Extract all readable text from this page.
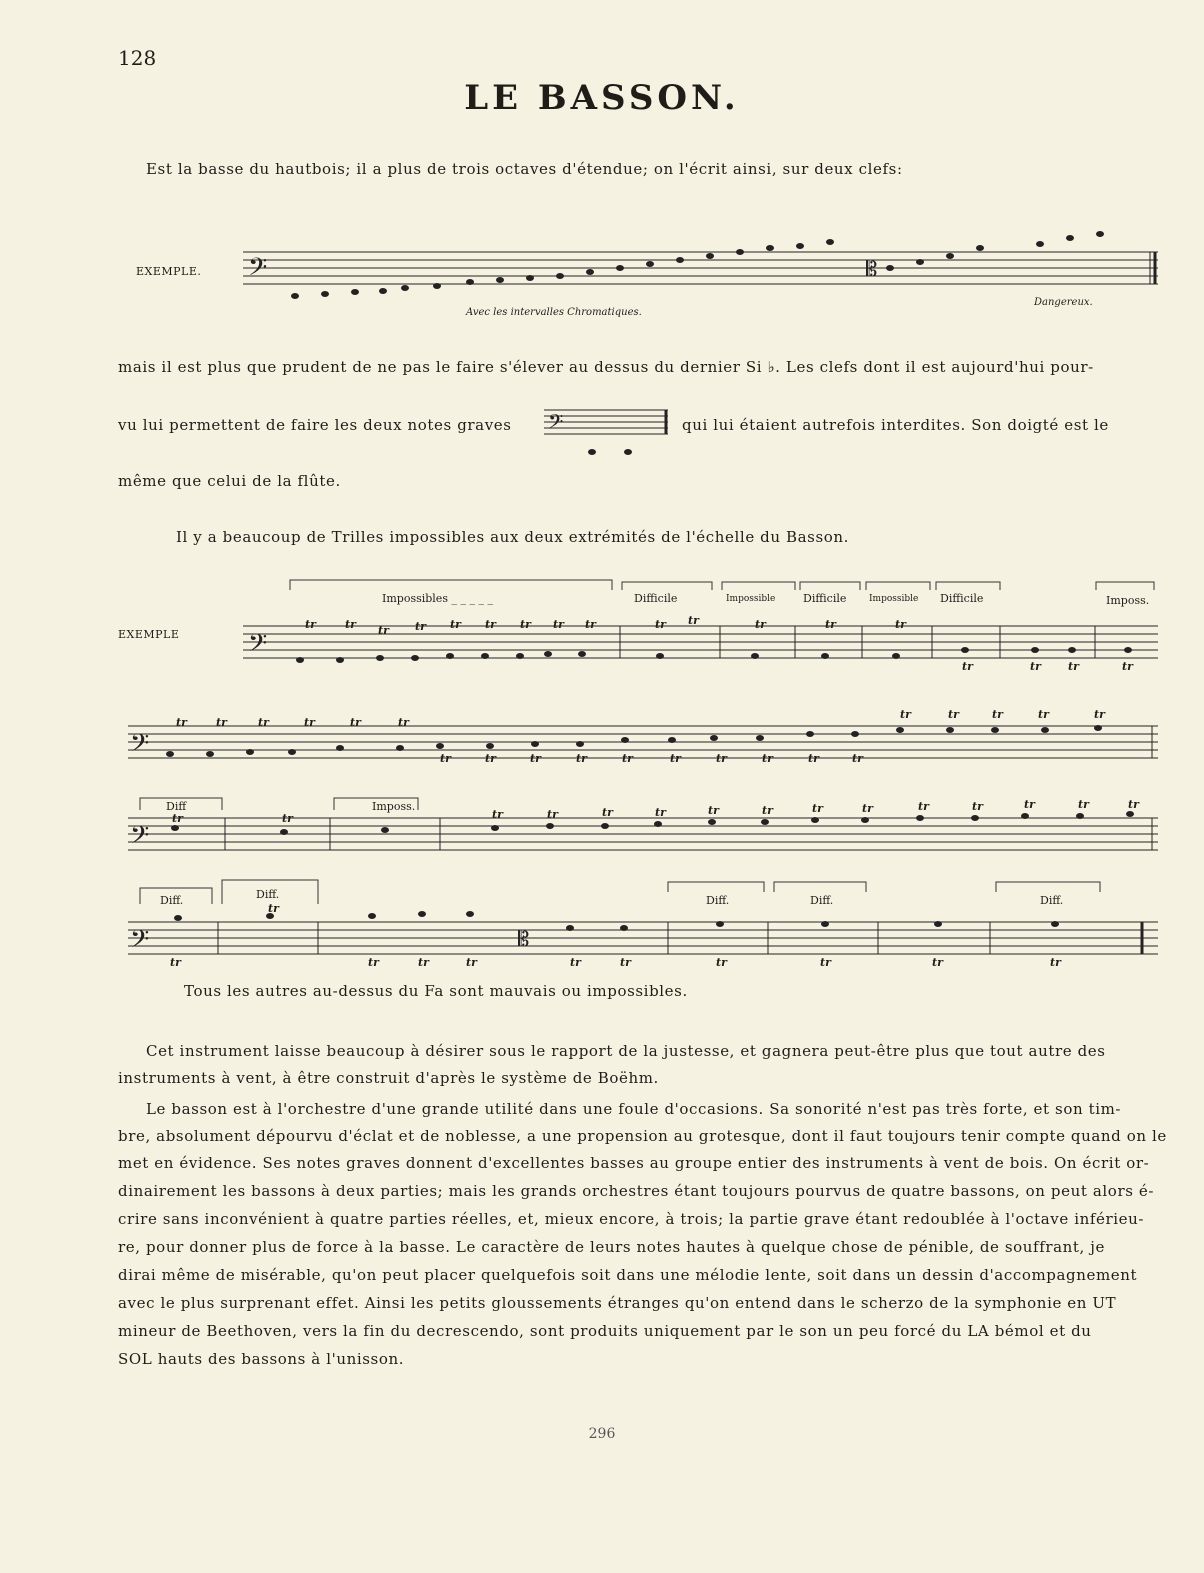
128
LE BASSON.
Est la basse du hautbois; il a plus de trois octaves d'étendue; on l'écrit ainsi, sur deux clefs:
EXEMPLE.
Avec les intervalles Chromatiques.
Dangereux.
𝄢	𝄡
𝄢
𝄢
𝄢
𝄢
𝄢	𝄡
mais il est plus que prudent de ne pas le faire s'élever au dessus du dernier Si ♭. Les clefs dont il est aujourd'hui pour-
vu lui permettent de faire les deux notes graves	qui lui étaient autrefois interdites. Son doigté est le
même que celui de la flûte.
Il y a beaucoup de Trilles impossibles aux deux extrémités de l'échelle du Basson.
EXEMPLE
Impossibles _ _ _ _ _	Difficile	Impossible	Difficile	Impossible Difficile	Imposs.
Diff	Imposs.
Diff.	Diff.	Diff.	Diff.	Diff.
tr	tr tr tr tr tr tr tr tr	tr tr	tr	tr	tr
tr	tr tr	tr
tr	tr	tr	tr	tr	tr
tr	tr	tr	tr	tr	tr	tr	tr	tr	tr
tr	tr	tr	tr	tr
tr	tr	tr	tr	tr	tr	tr	tr	tr	tr	tr	tr	tr	tr	tr
tr
tr
tr	tr	tr	tr	tr	tr	tr	tr	tr
Tous les autres au-dessus du Fa sont mauvais ou impossibles.
Cet instrument laisse beaucoup à désirer sous le rapport de la justesse, et gagnera peut-être plus que tout autre des
instruments à vent, à être construit d'après le système de Boëhm.
Le basson est à l'orchestre d'une grande utilité dans une foule d'occasions. Sa sonorité n'est pas très forte, et son tim-
bre, absolument dépourvu d'éclat et de noblesse, a une propension au grotesque, dont il faut toujours tenir compte quand on le
met en évidence. Ses notes graves donnent d'excellentes basses au groupe entier des instruments à vent de bois. On écrit or-
dinairement les bassons à deux parties; mais les grands orchestres étant toujours pourvus de quatre bassons, on peut alors é-
crire sans inconvénient à quatre parties réelles, et, mieux encore, à trois; la partie grave étant redoublée à l'octave inférieu-
re, pour donner plus de force à la basse. Le caractère de leurs notes hautes à quelque chose de pénible, de souffrant, je
dirai même de misérable, qu'on peut placer quelquefois soit dans une mélodie lente, soit dans un dessin d'accompagnement
avec le plus surprenant effet. Ainsi les petits gloussements étranges qu'on entend dans le scherzo de la symphonie en UT
mineur de Beethoven, vers la fin du decrescendo, sont produits uniquement par le son un peu forcé du LA bémol et du
SOL hauts des bassons à l'unisson.
296
